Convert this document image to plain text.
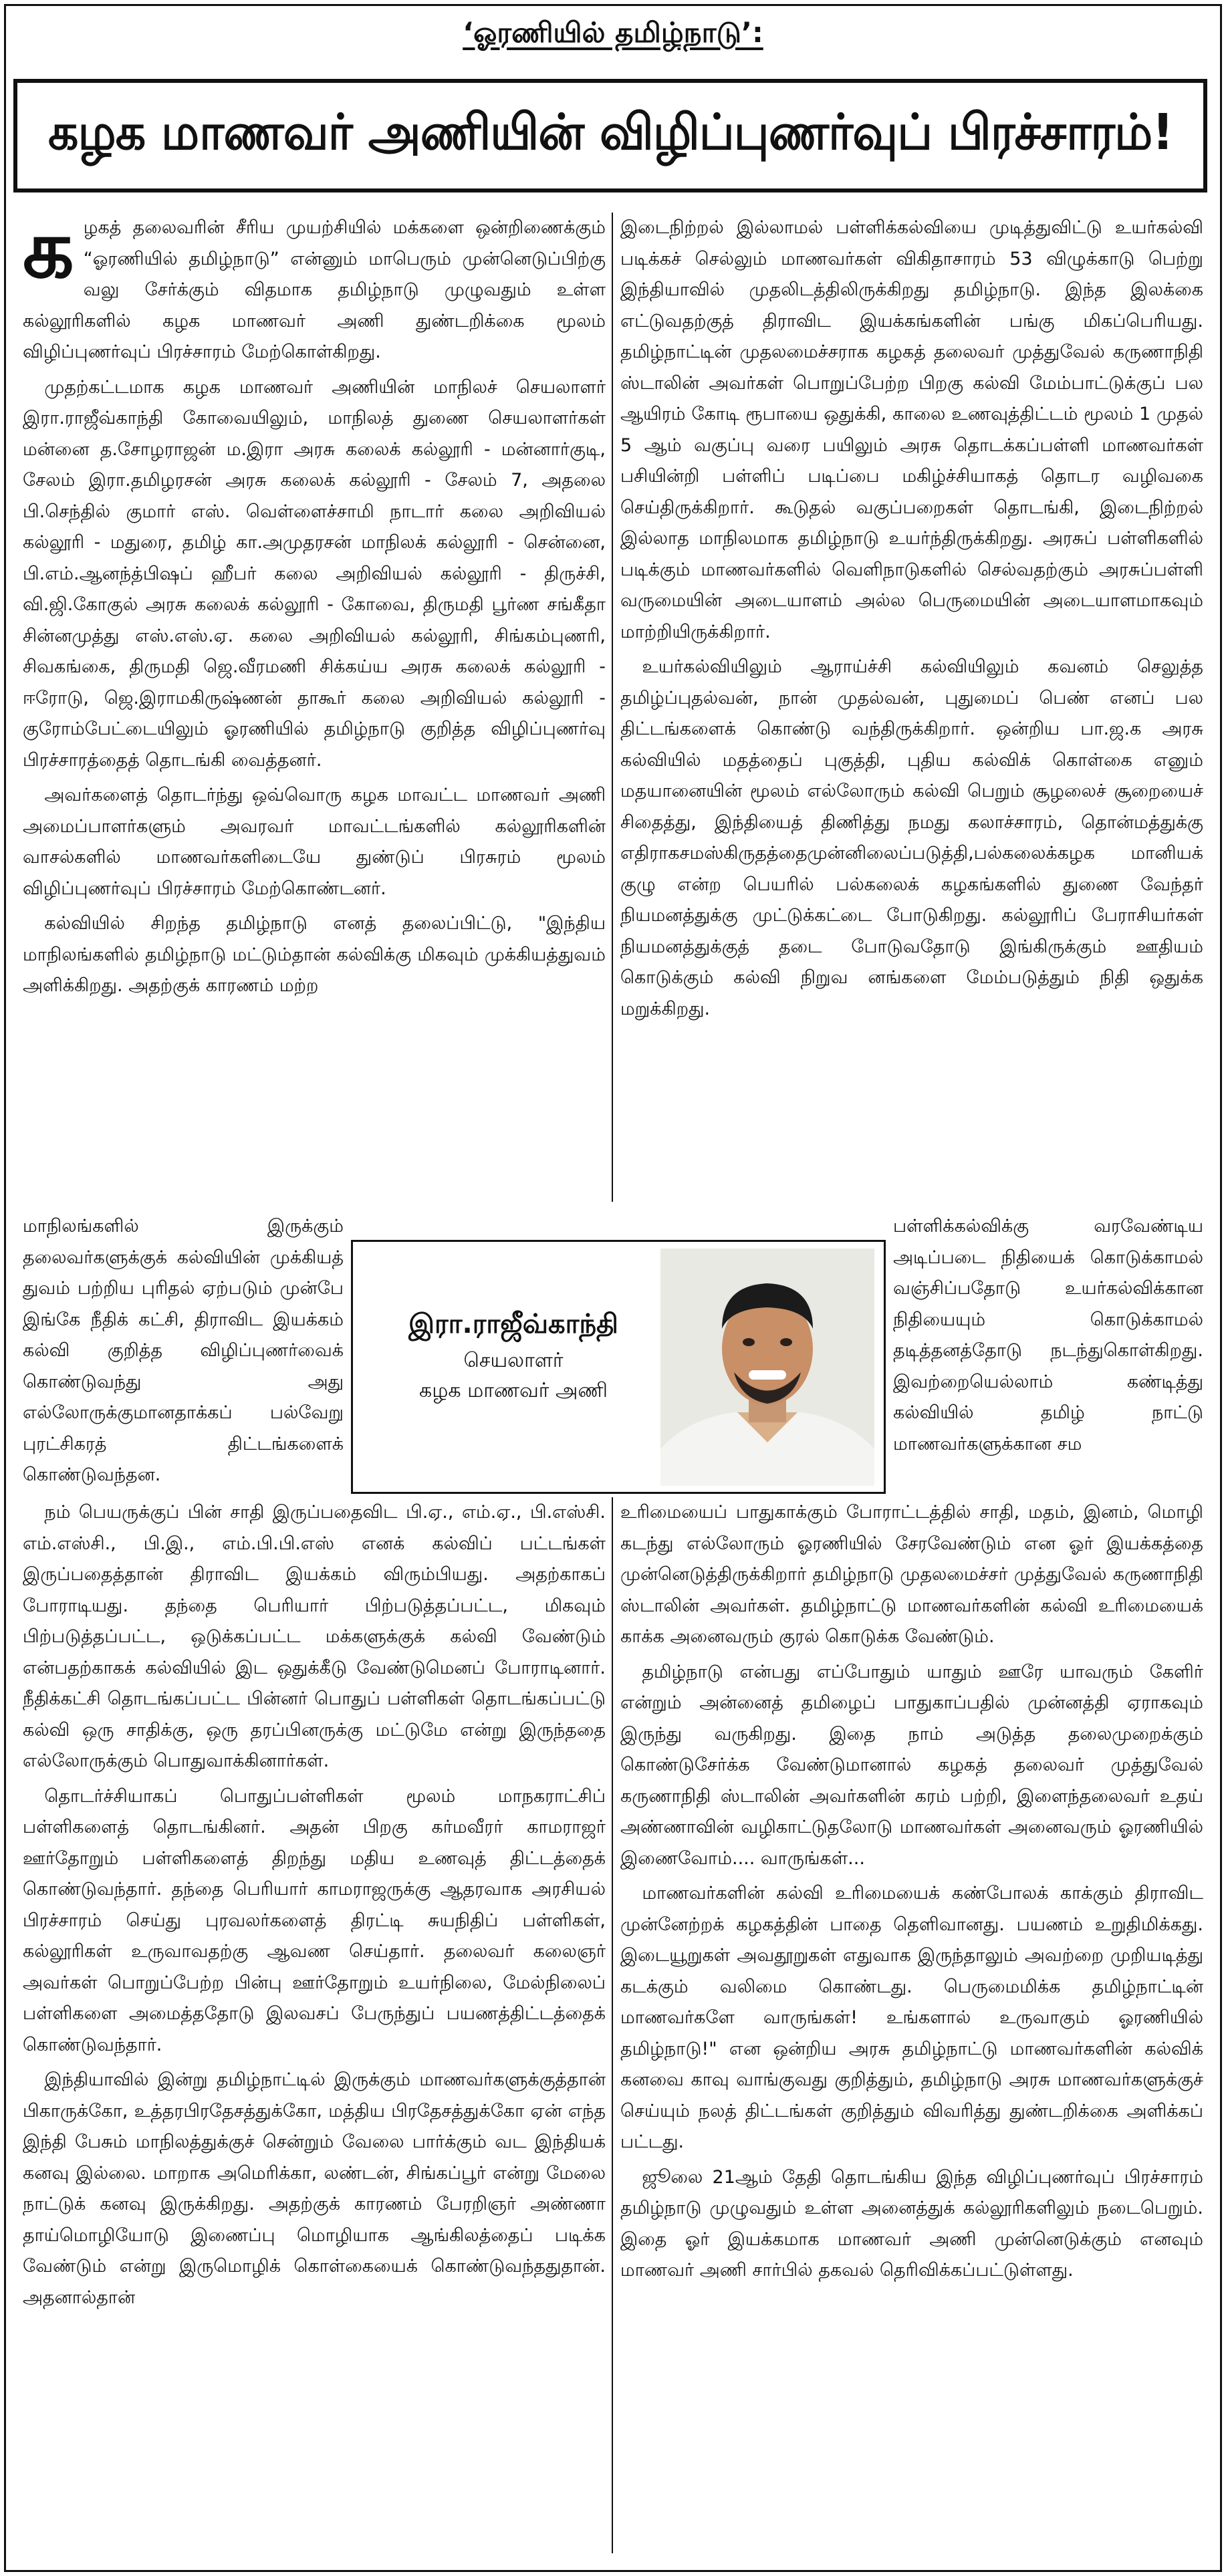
‘ஓரணியில் தமிழ்நாடு’:
கழக மாணவர் அணியின் விழிப்புணர்வுப் பிரச்சாரம்!

கழகத் தலைவரின் சீரிய முயற்சியில் மக்களை ஒன்றிணைக்கும் “ஓரணியில் தமிழ்நாடு” என்னும் மாபெரும் முன்னெடுப்பிற்கு வலு சேர்க்கும் விதமாக தமிழ்நாடு முழுவதும் உள்ள கல்லூரிகளில் கழக மாணவர் அணி துண்டறிக்கை மூலம் விழிப்புணர்வுப் பிரச்சாரம் மேற்கொள்கிறது.

முதற்கட்டமாக கழக மாணவர் அணியின் மாநிலச் செயலாளர் இரா.ராஜீவ்காந்தி கோவையிலும், மாநிலத் துணை செயலாளர்கள் மன்னை த.சோழராஜன் ம.இரா அரசு கலைக் கல்லூரி - மன்னார்குடி, சேலம் இரா.தமிழரசன் அரசு கலைக் கல்லூரி - சேலம் 7, அதலை பி.செந்தில் குமார் எஸ். வெள்ளைச்சாமி நாடார் கலை அறிவியல் கல்லூரி - மதுரை, தமிழ் கா.அமுதரசன் மாநிலக் கல்லூரி - சென்னை, பி.எம்.ஆனந்த்பிஷப் ஹீபர் கலை அறிவியல் கல்லூரி - திருச்சி, வி.ஜி.கோகுல் அரசு கலைக் கல்லூரி - கோவை, திருமதி பூர்ண சங்கீதா சின்னமுத்து எஸ்.எஸ்.ஏ. கலை அறிவியல் கல்லூரி, சிங்கம்புணரி, சிவகங்கை, திருமதி ஜெ.வீரமணி சிக்கய்ய அரசு கலைக் கல்லூரி - ஈரோடு, ஜெ.இராமகிருஷ்ணன் தாகூர் கலை அறிவியல் கல்லூரி - குரோம்பேட்டையிலும் ஓரணியில் தமிழ்நாடு குறித்த விழிப்புணர்வு பிரச்சாரத்தைத் தொடங்கி வைத்தனர்.

அவர்களைத் தொடர்ந்து ஒவ்வொரு கழக மாவட்ட மாணவர் அணி அமைப்பாளர்களும் அவரவர் மாவட்டங்களில் கல்லூரிகளின் வாசல்களில் மாணவர்களிடையே துண்டுப் பிரசுரம் மூலம் விழிப்புணர்வுப் பிரச்சாரம் மேற்கொண்டனர்.

கல்வியில் சிறந்த தமிழ்நாடு எனத் தலைப்பிட்டு, "இந்திய மாநிலங்களில் தமிழ்நாடு மட்டும்தான் கல்விக்கு மிகவும் முக்கியத்துவம் அளிக்கிறது. அதற்குக் காரணம் மற்ற

இடைநிற்றல் இல்லாமல் பள்ளிக்கல்வியை முடித்துவிட்டு உயர்கல்வி படிக்கச் செல்லும் மாணவர்கள் விகிதாசாரம் 53 விழுக்காடு பெற்று இந்தியாவில் முதலிடத்திலிருக்கிறது தமிழ்நாடு. இந்த இலக்கை எட்டுவதற்குத் திராவிட இயக்கங்களின் பங்கு மிகப்பெரியது. தமிழ்நாட்டின் முதலமைச்சராக கழகத் தலைவர் முத்துவேல் கருணாநிதி ஸ்டாலின் அவர்கள் பொறுப்பேற்ற பிறகு கல்வி மேம்பாட்டுக்குப் பல ஆயிரம் கோடி ரூபாயை ஒதுக்கி, காலை உணவுத்திட்டம் மூலம் 1 முதல் 5 ஆம் வகுப்பு வரை பயிலும் அரசு தொடக்கப்பள்ளி மாணவர்கள் பசியின்றி பள்ளிப் படிப்பை மகிழ்ச்சியாகத் தொடர வழிவகை செய்திருக்கிறார். கூடுதல் வகுப்பறைகள் தொடங்கி, இடைநிற்றல் இல்லாத மாநிலமாக தமிழ்நாடு உயர்ந்திருக்கிறது. அரசுப் பள்ளிகளில் படிக்கும் மாணவர்களில் வெளிநாடுகளில் செல்வதற்கும் அரசுப்பள்ளி வருமையின் அடையாளம் அல்ல பெருமையின் அடையாளமாகவும் மாற்றியிருக்கிறார்.

உயர்கல்வியிலும் ஆராய்ச்சி கல்வியிலும் கவனம் செலுத்த தமிழ்ப்புதல்வன், நான் முதல்வன், புதுமைப் பெண் எனப் பல திட்டங்களைக் கொண்டு வந்திருக்கிறார். ஒன்றிய பா.ஜ.க அரசு கல்வியில் மதத்தைப் புகுத்தி, புதிய கல்விக் கொள்கை எனும் மதயானையின் மூலம் எல்லோரும் கல்வி பெறும் சூழலைச் சூறையைச் சிதைத்து, இந்தியைத் திணித்து நமது கலாச்சாரம், தொன்மத்துக்கு எதிராகசமஸ்கிருதத்தைமுன்னிலைப்படுத்தி,பல்கலைக்கழக மானியக் குழு என்ற பெயரில் பல்கலைக் கழகங்களில் துணை வேந்தர் நியமனத்துக்கு முட்டுக்கட்டை போடுகிறது. கல்லூரிப் பேராசியர்கள் நியமனத்துக்குத் தடை போடுவதோடு இங்கிருக்கும் ஊதியம் கொடுக்கும் கல்வி நிறுவ னங்களை மேம்படுத்தும் நிதி ஒதுக்க மறுக்கிறது.

மாநிலங்களில் இருக்கும் தலைவர்களுக்குக் கல்வியின் முக்கியத் துவம் பற்றிய புரிதல் ஏற்படும் முன்பே இங்கே நீதிக் கட்சி, திராவிட இயக்கம் கல்வி குறித்த விழிப்புணர்வைக் கொண்டுவந்து அது எல்லோருக்குமானதாக்கப் பல்வேறு புரட்சிகரத் திட்டங்களைக் கொண்டுவந்தன.

இரா.ராஜீவ்காந்தி
செயலாளர்
கழக மாணவர் அணி

பள்ளிக்கல்விக்கு வரவேண்டிய அடிப்படை நிதியைக் கொடுக்காமல் வஞ்சிப்பதோடு உயர்கல்விக்கான நிதியையும் கொடுக்காமல் தடித்தனத்தோடு நடந்துகொள்கிறது. இவற்றையெல்லாம் கண்டித்து கல்வியில் தமிழ் நாட்டு மாணவர்களுக்கான சம

நம் பெயருக்குப் பின் சாதி இருப்பதைவிட பி.ஏ., எம்.ஏ., பி.எஸ்சி. எம்.எஸ்சி., பி.இ., எம்.பி.பி.எஸ் எனக் கல்விப் பட்டங்கள் இருப்பதைத்தான் திராவிட இயக்கம் விரும்பியது. அதற்காகப் போராடியது. தந்தை பெரியார் பிற்படுத்தப்பட்ட, மிகவும் பிற்படுத்தப்பட்ட, ஒடுக்கப்பட்ட மக்களுக்குக் கல்வி வேண்டும் என்பதற்காகக் கல்வியில் இட ஒதுக்கீடு வேண்டுமெனப் போராடினார். நீதிக்கட்சி தொடங்கப்பட்ட பின்னர் பொதுப் பள்ளிகள் தொடங்கப்பட்டு கல்வி ஒரு சாதிக்கு, ஒரு தரப்பினருக்கு மட்டுமே என்று இருந்ததை எல்லோருக்கும் பொதுவாக்கினார்கள்.

தொடர்ச்சியாகப் பொதுப்பள்ளிகள் மூலம் மாநகராட்சிப் பள்ளிகளைத் தொடங்கினர். அதன் பிறகு கர்மவீரர் காமராஜர் ஊர்தோறும் பள்ளிகளைத் திறந்து மதிய உணவுத் திட்டத்தைக் கொண்டுவந்தார். தந்தை பெரியார் காமராஜருக்கு ஆதரவாக அரசியல் பிரச்சாரம் செய்து புரவலர்களைத் திரட்டி சுயநிதிப் பள்ளிகள், கல்லூரிகள் உருவாவதற்கு ஆவண செய்தார். தலைவர் கலைஞர் அவர்கள் பொறுப்பேற்ற பின்பு ஊர்தோறும் உயர்நிலை, மேல்நிலைப் பள்ளிகளை அமைத்ததோடு இலவசப் பேருந்துப் பயணத்திட்டத்தைக் கொண்டுவந்தார்.

இந்தியாவில் இன்று தமிழ்நாட்டில் இருக்கும் மாணவர்களுக்குத்தான் பிகாருக்கோ, உத்தரபிரதேசத்துக்கோ, மத்திய பிரதேசத்துக்கோ ஏன் எந்த இந்தி பேசும் மாநிலத்துக்குச் சென்றும் வேலை பார்க்கும் வட இந்தியக் கனவு இல்லை. மாறாக அமெரிக்கா, லண்டன், சிங்கப்பூர் என்று மேலை நாட்டுக் கனவு இருக்கிறது. அதற்குக் காரணம் பேரறிஞர் அண்ணா தாய்மொழியோடு இணைப்பு மொழியாக ஆங்கிலத்தைப் படிக்க வேண்டும் என்று இருமொழிக் கொள்கையைக் கொண்டுவந்ததுதான். அதனால்தான்

உரிமையைப் பாதுகாக்கும் போராட்டத்தில் சாதி, மதம், இனம், மொழி கடந்து எல்லோரும் ஓரணியில் சேரவேண்டும் என ஓர் இயக்கத்தை முன்னெடுத்திருக்கிறார் தமிழ்நாடு முதலமைச்சர் முத்துவேல் கருணாநிதி ஸ்டாலின் அவர்கள். தமிழ்நாட்டு மாணவர்களின் கல்வி உரிமையைக் காக்க அனைவரும் குரல் கொடுக்க வேண்டும்.

தமிழ்நாடு என்பது எப்போதும் யாதும் ஊரே யாவரும் கேளிர் என்றும் அன்னைத் தமிழைப் பாதுகாப்பதில் முன்னத்தி ஏராகவும் இருந்து வருகிறது. இதை நாம் அடுத்த தலைமுறைக்கும் கொண்டுசேர்க்க வேண்டுமானால் கழகத் தலைவர் முத்துவேல் கருணாநிதி ஸ்டாலின் அவர்களின் கரம் பற்றி, இளைந்தலைவர் உதய் அண்ணாவின் வழிகாட்டுதலோடு மாணவர்கள் அனைவரும் ஓரணியில் இணைவோம்.... வாருங்கள்...

மாணவர்களின் கல்வி உரிமையைக் கண்போலக் காக்கும் திராவிட முன்னேற்றக் கழகத்தின் பாதை தெளிவானது. பயணம் உறுதிமிக்கது. இடையூறுகள் அவதூறுகள் எதுவாக இருந்தாலும் அவற்றை முறியடித்து கடக்கும் வலிமை கொண்டது. பெருமைமிக்க தமிழ்நாட்டின் மாணவர்களே வாருங்கள்! உங்களால் உருவாகும் ஓரணியில் தமிழ்நாடு!" என ஒன்றிய அரசு தமிழ்நாட்டு மாணவர்களின் கல்விக் கனவை காவு வாங்குவது குறித்தும், தமிழ்நாடு அரசு மாணவர்களுக்குச் செய்யும் நலத் திட்டங்கள் குறித்தும் விவரித்து துண்டறிக்கை அளிக்கப் பட்டது.

ஜூலை 21ஆம் தேதி தொடங்கிய இந்த விழிப்புணர்வுப் பிரச்சாரம் தமிழ்நாடு முழுவதும் உள்ள அனைத்துக் கல்லூரிகளிலும் நடைபெறும். இதை ஓர் இயக்கமாக மாணவர் அணி முன்னெடுக்கும் எனவும் மாணவர் அணி சார்பில் தகவல் தெரிவிக்கப்பட்டுள்ளது.
